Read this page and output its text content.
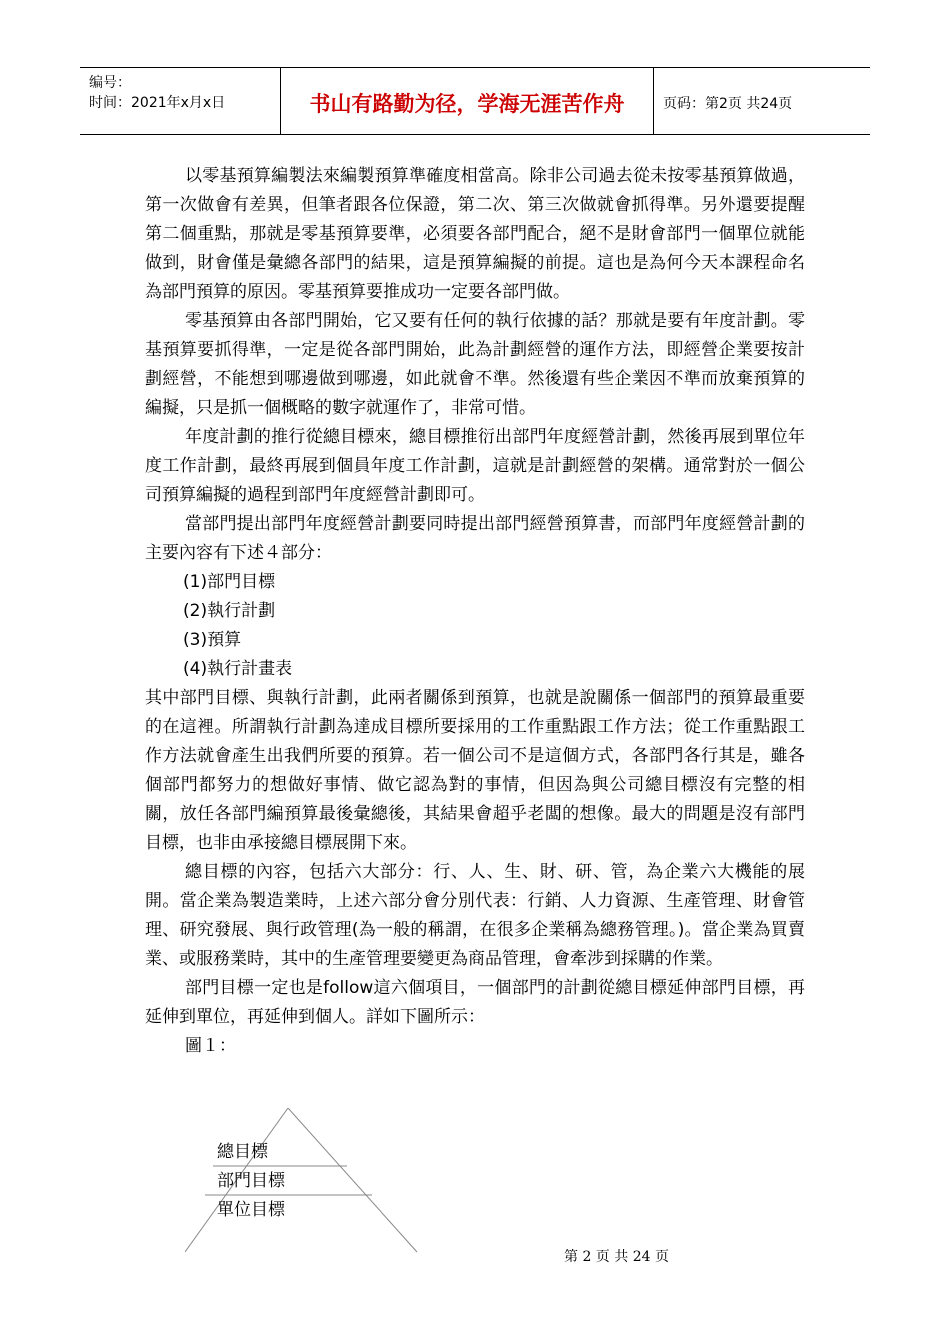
编号：
时间：2021年x月x日	书山有路勤为径，学海无涯苦作舟	页码：第2页 共24页

以零基預算編製法來編製預算準確度相當高。除非公司過去從未按零基預算做過，第一次做會有差異，但筆者跟各位保證，第二次、第三次做就會抓得準。另外還要提醒第二個重點，那就是零基預算要準，必須要各部門配合，絕不是財會部門一個單位就能做到，財會僅是彙總各部門的結果，這是預算編擬的前提。這也是為何今天本課程命名為部門預算的原因。零基預算要推成功一定要各部門做。

零基預算由各部門開始，它又要有任何的執行依據的話？那就是要有年度計劃。零基預算要抓得準，一定是從各部門開始，此為計劃經營的運作方法，即經營企業要按計劃經營，不能想到哪邊做到哪邊，如此就會不準。然後還有些企業因不準而放棄預算的編擬，只是抓一個概略的數字就運作了，非常可惜。

年度計劃的推行從總目標來，總目標推衍出部門年度經營計劃，然後再展到單位年度工作計劃，最終再展到個員年度工作計劃，這就是計劃經營的架構。通常對於一個公司預算編擬的過程到部門年度經營計劃即可。

當部門提出部門年度經營計劃要同時提出部門經營預算書，而部門年度經營計劃的主要內容有下述４部分：

(1)部門目標

(2)執行計劃

(3)預算

(4)執行計畫表

其中部門目標、與執行計劃，此兩者關係到預算，也就是說關係一個部門的預算最重要的在這裡。所謂執行計劃為達成目標所要採用的工作重點跟工作方法；從工作重點跟工作方法就會產生出我們所要的預算。若一個公司不是這個方式，各部門各行其是，雖各個部門都努力的想做好事情、做它認為對的事情，但因為與公司總目標沒有完整的相關，放任各部門編預算最後彙總後，其結果會超乎老闆的想像。最大的問題是沒有部門目標，也非由承接總目標展開下來。

總目標的內容，包括六大部分：行、人、生、財、研、管，為企業六大機能的展開。當企業為製造業時，上述六部分會分別代表：行銷、人力資源、生產管理、財會管理、研究發展、與行政管理(為一般的稱謂，在很多企業稱為總務管理。)。當企業為買賣業、或服務業時，其中的生產管理要變更為商品管理，會牽涉到採購的作業。

部門目標一定也是follow這六個項目，一個部門的計劃從總目標延伸部門目標，再延伸到單位，再延伸到個人。詳如下圖所示：

圖１：

總目標
部門目標
單位目標
第 2 页 共 24 页
